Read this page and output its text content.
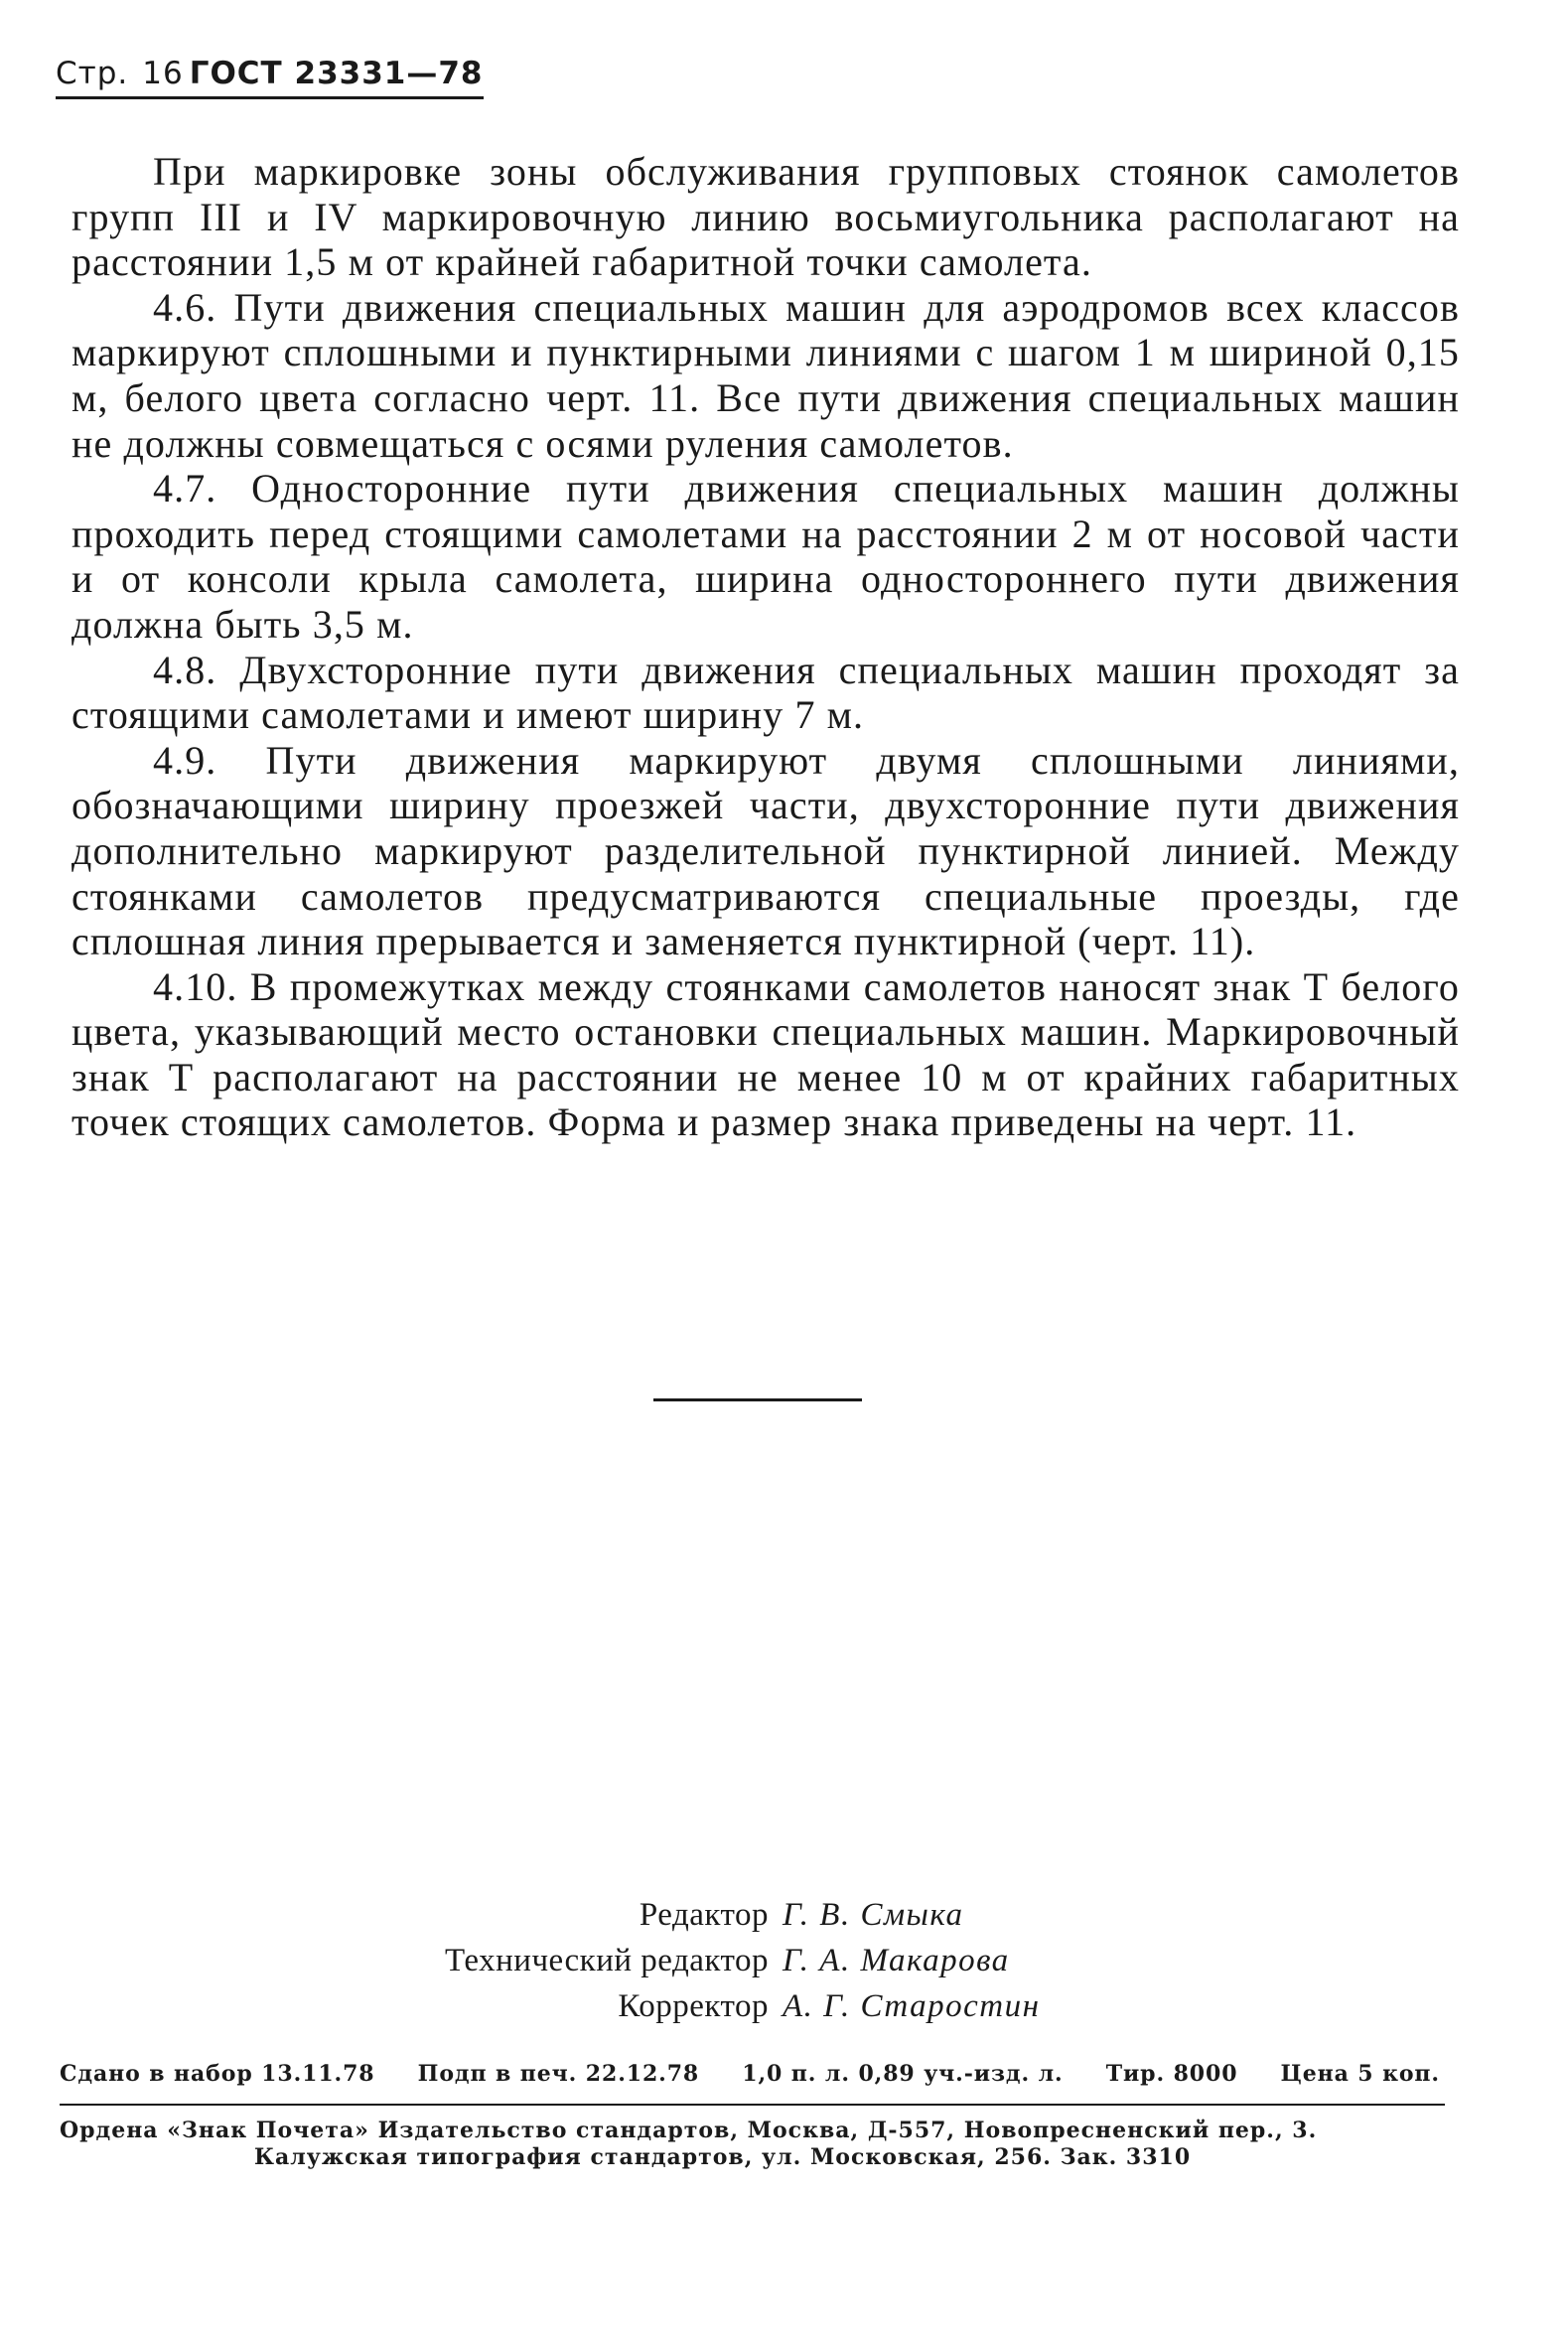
Стр. 16 ГОСТ 23331—78

При маркировке зоны обслуживания групповых стоянок самолетов групп III и IV маркировочную линию восьмиугольника располагают на расстоянии 1,5 м от крайней габаритной точки самолета.

4.6. Пути движения специальных машин для аэродромов всех классов маркируют сплошными и пунктирными линиями с шагом 1 м шириной 0,15 м, белого цвета согласно черт. 11. Все пути движения специальных машин не должны совмещаться с осями руления самолетов.

4.7. Односторонние пути движения специальных машин должны проходить перед стоящими самолетами на расстоянии 2 м от носовой части и от консоли крыла самолета, ширина одностороннего пути движения должна быть 3,5 м.

4.8. Двухсторонние пути движения специальных машин проходят за стоящими самолетами и имеют ширину 7 м.

4.9. Пути движения маркируют двумя сплошными линиями, обозначающими ширину проезжей части, двухсторонние пути движения дополнительно маркируют разделительной пунктирной линией. Между стоянками самолетов предусматриваются специальные проезды, где сплошная линия прерывается и заменяется пунктирной (черт. 11).

4.10. В промежутках между стоянками самолетов наносят знак Т белого цвета, указывающий место остановки специальных машин. Маркировочный знак Т располагают на расстоянии не менее 10 м от крайних габаритных точек стоящих самолетов. Форма и размер знака приведены на черт. 11.

Редактор Г. В. Смыка
Технический редактор Г. А. Макарова
Корректор А. Г. Старостин
Сдано в набор 13.11.78 Подп в печ. 22.12.78 1,0 п. л. 0,89 уч.-изд. л. Тир. 8000 Цена 5 коп.
Ордена «Знак Почета» Издательство стандартов, Москва, Д-557, Новопресненский пер., 3.
Калужская типография стандартов, ул. Московская, 256. Зак. 3310
